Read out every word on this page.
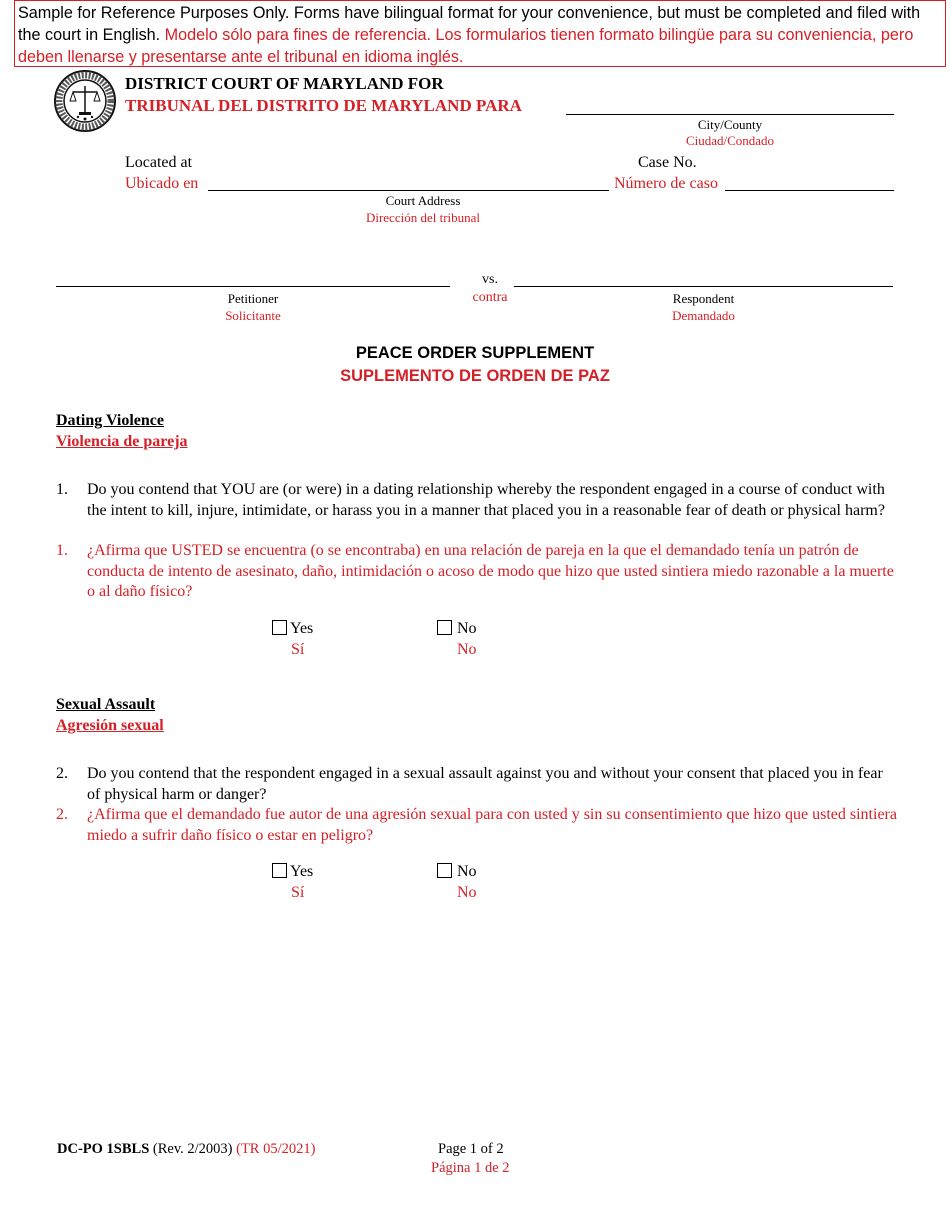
Sample for Reference Purposes Only. Forms have bilingual format for your convenience, but must be completed and filed with the court in English. Modelo sólo para fines de referencia. Los formularios tienen formato bilingüe para su conveniencia, pero deben llenarse y presentarse ante el tribunal en idioma inglés.
DISTRICT COURT OF MARYLAND FOR
TRIBUNAL DEL DISTRITO DE MARYLAND PARA
City/County
Ciudad/Condado
Located at
Ubicado en
Court Address
Dirección del tribunal
Case No.
Número de caso
Petitioner
Solicitante
vs.
contra	Respondent
Demandado
PEACE ORDER SUPPLEMENT
SUPLEMENTO DE ORDEN DE PAZ
Dating Violence
Violencia de pareja
1. Do you contend that YOU are (or were) in a dating relationship whereby the respondent engaged in a course of conduct with the intent to kill, injure, intimidate, or harass you in a manner that placed you in a reasonable fear of death or physical harm?
1. ¿Afirma que USTED se encuentra (o se encontraba) en una relación de pareja en la que el demandado tenía un patrón de conducta de intento de asesinato, daño, intimidación o acoso de modo que hizo que usted sintiera miedo razonable a la muerte o al daño físico?
Yes
Sí
No
No
Sexual Assault
Agresión sexual
2. Do you contend that the respondent engaged in a sexual assault against you and without your consent that placed you in fear of physical harm or danger?
2. ¿Afirma que el demandado fue autor de una agresión sexual para con usted y sin su consentimiento que hizo que usted sintiera miedo a sufrir daño físico o estar en peligro?
Yes
Sí
No
No
DC-PO 1SBLS (Rev. 2/2003) (TR 05/2021)	Page 1 of 2
Página 1 de 2
